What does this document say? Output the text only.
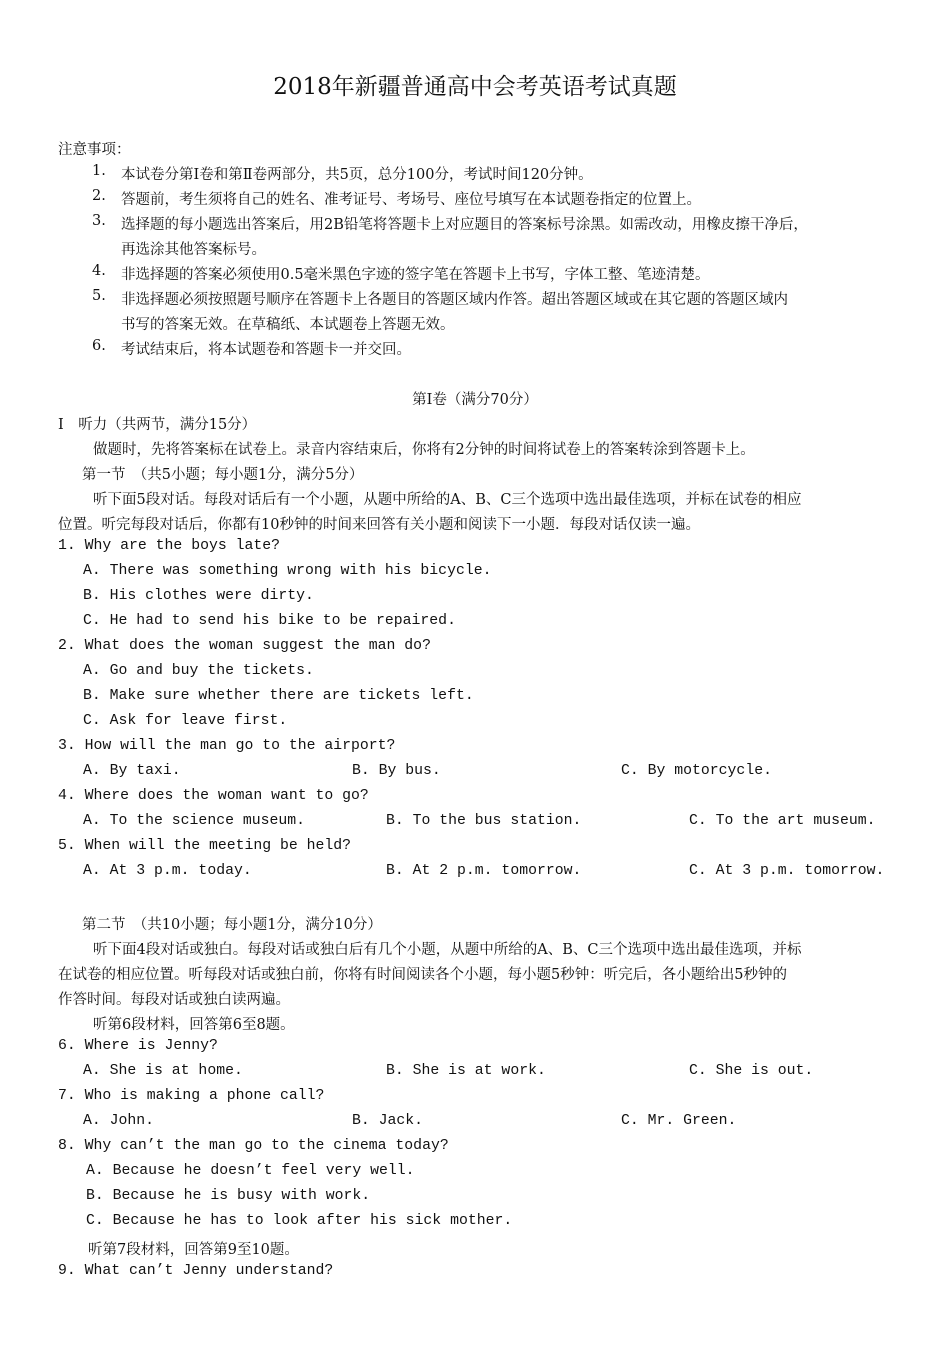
2018年新疆普通高中会考英语考试真题
注意事项：
1. 本试卷分第Ⅰ卷和第Ⅱ卷两部分，共5页，总分100分，考试时间120分钟。
2. 答题前，考生须将自己的姓名、准考证号、考场号、座位号填写在本试题卷指定的位置上。
3. 选择题的每小题选出答案后，用2B铅笔将答题卡上对应题目的答案标号涂黑。如需改动，用橡皮擦干净后，
再选涂其他答案标号。
4. 非选择题的答案必须使用0.5毫米黑色字迹的签字笔在答题卡上书写，字体工整、笔迹清楚。
5. 非选择题必须按照题号顺序在答题卡上各题目的答题区域内作答。超出答题区域或在其它题的答题区域内
书写的答案无效。在草稿纸、本试题卷上答题无效。
6. 考试结束后，将本试题卷和答题卡一并交回。
第Ⅰ卷（满分70分）
Ⅰ　听力（共两节，满分15分）
做题时，先将答案标在试卷上。录音内容结束后，你将有2分钟的时间将试卷上的答案转涂到答题卡上。
第一节　（共5小题；每小题1分，满分5分）
听下面5段对话。每段对话后有一个小题，从题中所给的A、B、C三个选项中选出最佳选项，并标在试卷的相应
位置。听完每段对话后，你都有10秒钟的时间来回答有关小题和阅读下一小题．每段对话仅读一遍。
1. Why are the boys late?
A. There was something wrong with his bicycle.
B. His clothes were dirty.
C. He had to send his bike to be repaired.
2. What does the woman suggest the man do?
A. Go and buy the tickets.
B. Make sure whether there are tickets left.
C. Ask for leave first.
3. How will the man go to the airport?
A. By taxi.	B. By bus.	C. By motorcycle.
4. Where does the woman want to go?
A. To the science museum.	B. To the bus station.	C. To the art museum.
5. When will the meeting be held?
A. At 3 p.m. today.	B. At 2 p.m. tomorrow.	C. At 3 p.m. tomorrow.
第二节　（共10小题；每小题1分，满分10分）
听下面4段对话或独白。每段对话或独白后有几个小题，从题中所给的A、B、C三个选项中选出最佳选项，并标
在试卷的相应位置。听每段对话或独白前，你将有时间阅读各个小题，每小题5秒钟：听完后，各小题给出5秒钟的
作答时间。每段对话或独白读两遍。
听第6段材料，回答第6至8题。
6. Where is Jenny?
A. She is at home.	B. She is at work.	C. She is out.
7. Who is making a phone call?
A. John.	B. Jack.	C. Mr. Green.
8. Why can’t the man go to the cinema today?
A. Because he doesn’t feel very well.
B. Because he is busy with work.
C. Because he has to look after his sick mother.
听第7段材料，回答第9至10题。
9. What can’t Jenny understand?
